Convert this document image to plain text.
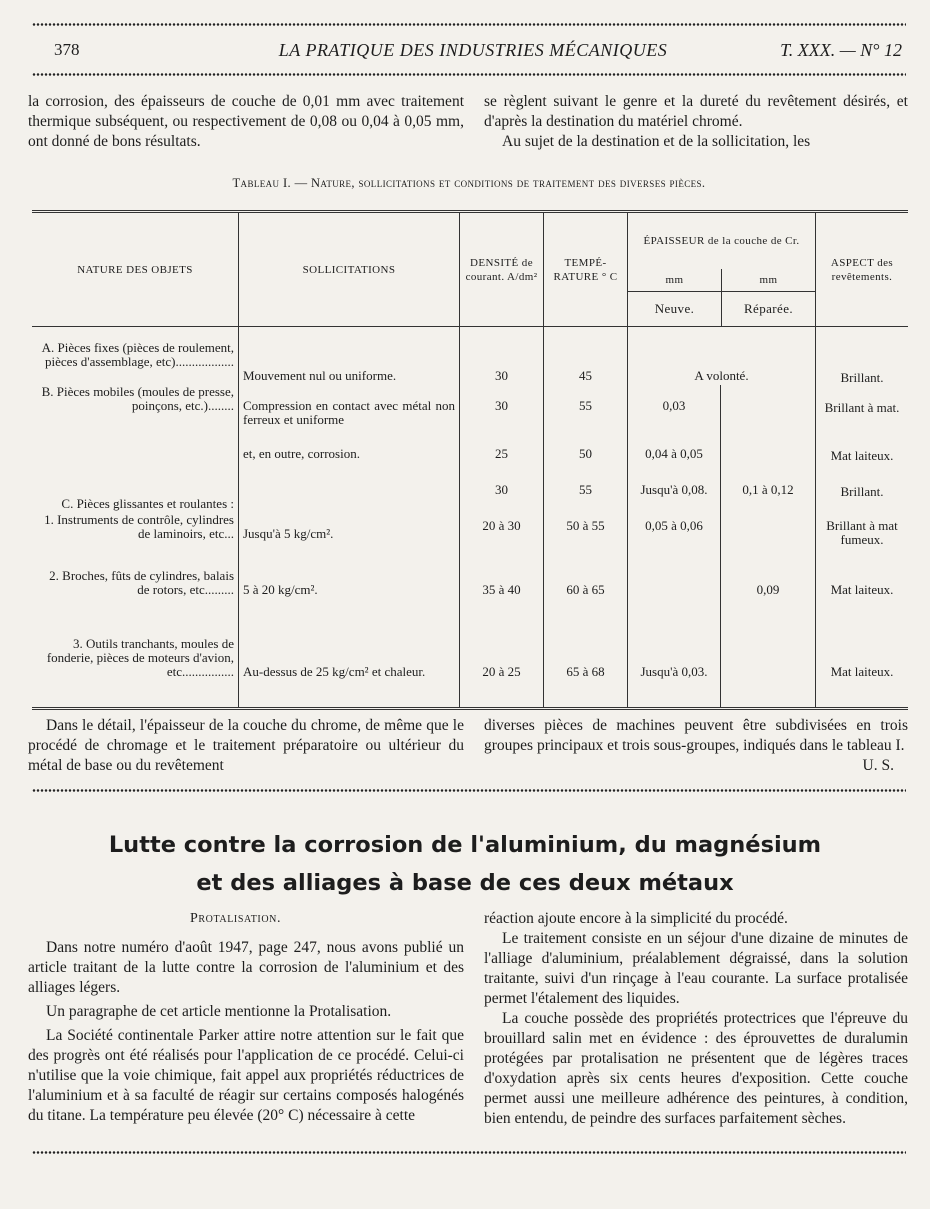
378	LA PRATIQUE DES INDUSTRIES MÉCANIQUES	T. XXX. — N° 12

la corrosion, des épaisseurs de couche de 0,01 mm avec traitement thermique subséquent, ou respectivement de 0,08 ou 0,04 à 0,05 mm, ont donné de bons résultats.

se règlent suivant le genre et la dureté du revêtement désirés, et d'après la destination du matériel chromé.

Au sujet de la destination et de la sollicitation, les

Tableau I. — Nature, sollicitations et conditions de traitement des diverses pièces.
NATURE DES OBJETS	SOLLICITATIONS	DENSITÉ de courant. A/dm²	TEMPÉ- RATURE ° C	ÉPAISSEUR de la couche de Cr.
mm mm
Neuve. Réparée.		ASPECT des revêtements.
A. Pièces fixes (pièces de roulement, pièces d'assemblage, etc)..................	Mouvement nul ou uniforme.	30	45	A volonté.		Brillant.
B. Pièces mobiles (moules de presse, poinçons, etc.)........	Compression en contact avec métal non ferreux et uniforme	30	55	0,03		Brillant à mat.
	et, en outre, corrosion.	25	50	0,04 à 0,05		Mat laiteux.
C. Pièces glissantes et roulantes :		30	55	Jusqu'à 0,08.	0,1 à 0,12	Brillant.
1. Instruments de contrôle, cylindres de laminoirs, etc...	Jusqu'à 5 kg/cm².	20 à 30	50 à 55	0,05 à 0,06		Brillant à mat fumeux.
2. Broches, fûts de cylindres, balais de rotors, etc.........	5 à 20 kg/cm².	35 à 40	60 à 65		0,09	Mat laiteux.
3. Outils tranchants, moules de fonderie, pièces de moteurs d'avion, etc................	Au-dessus de 25 kg/cm² et chaleur.	20 à 25	65 à 68	Jusqu'à 0,03.		Mat laiteux.

Dans le détail, l'épaisseur de la couche du chrome, de même que le procédé de chromage et le traitement préparatoire ou ultérieur du métal de base ou du revêtement

diverses pièces de machines peuvent être subdivisées en trois groupes principaux et trois sous-groupes, indiqués dans le tableau I.
U. S.

Lutte contre la corrosion de l'aluminium, du magnésium
et des alliages à base de ces deux métaux
Protalisation.

Dans notre numéro d'août 1947, page 247, nous avons publié un article traitant de la lutte contre la corrosion de l'aluminium et des alliages légers.

Un paragraphe de cet article mentionne la Protalisation.

La Société continentale Parker attire notre attention sur le fait que des progrès ont été réalisés pour l'application de ce procédé. Celui-ci n'utilise que la voie chimique, fait appel aux propriétés réductrices de l'aluminium et à sa faculté de réagir sur certains composés halogénés du titane. La température peu élevée (20° C) nécessaire à cette

réaction ajoute encore à la simplicité du procédé.

Le traitement consiste en un séjour d'une dizaine de minutes de l'alliage d'aluminium, préalablement dégraissé, dans la solution traitante, suivi d'un rinçage à l'eau courante. La surface protalisée permet l'étalement des liquides.

La couche possède des propriétés protectrices que l'épreuve du brouillard salin met en évidence : des éprouvettes de duralumin protégées par protalisation ne présentent que de légères traces d'oxydation après six cents heures d'exposition. Cette couche permet aussi une meilleure adhérence des peintures, à condition, bien entendu, de peindre des surfaces parfaitement sèches.
